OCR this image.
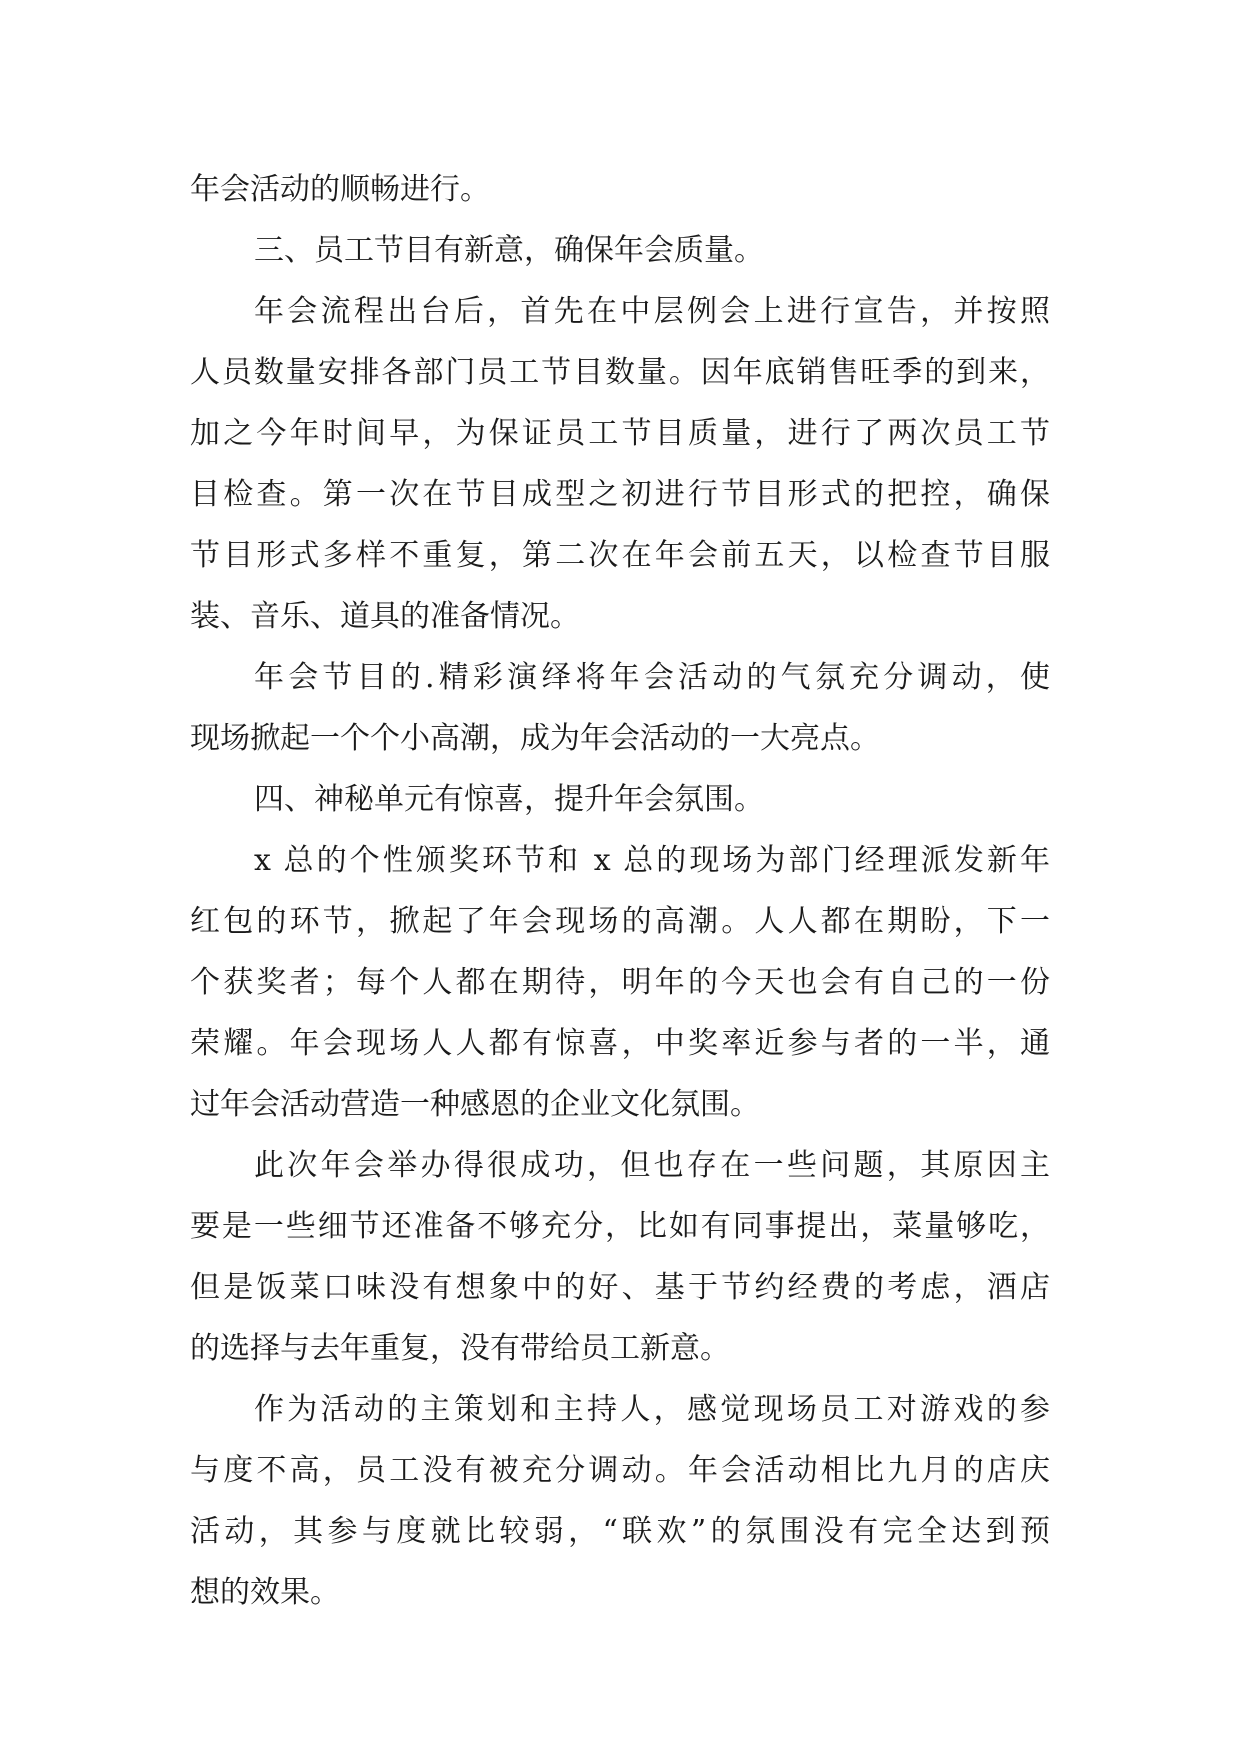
年会活动的顺畅进行。
三、员工节目有新意，确保年会质量。
年会流程出台后，首先在中层例会上进行宣告，并按照
人员数量安排各部门员工节目数量。因年底销售旺季的到来，
加之今年时间早，为保证员工节目质量，进行了两次员工节
目检查。第一次在节目成型之初进行节目形式的把控，确保
节目形式多样不重复，第二次在年会前五天，以检查节目服
装、音乐、道具的准备情况。
年会节目的.精彩演绎将年会活动的气氛充分调动，使
现场掀起一个个小高潮，成为年会活动的一大亮点。
四、神秘单元有惊喜，提升年会氛围。
x 总的个性颁奖环节和 x 总的现场为部门经理派发新年
红包的环节，掀起了年会现场的高潮。人人都在期盼，下一
个获奖者；每个人都在期待，明年的今天也会有自己的一份
荣耀。年会现场人人都有惊喜，中奖率近参与者的一半，通
过年会活动营造一种感恩的企业文化氛围。
此次年会举办得很成功，但也存在一些问题，其原因主
要是一些细节还准备不够充分，比如有同事提出，菜量够吃，
但是饭菜口味没有想象中的好、基于节约经费的考虑，酒店
的选择与去年重复，没有带给员工新意。
作为活动的主策划和主持人，感觉现场员工对游戏的参
与度不高，员工没有被充分调动。年会活动相比九月的店庆
活动，其参与度就比较弱，“联欢”的氛围没有完全达到预
想的效果。
